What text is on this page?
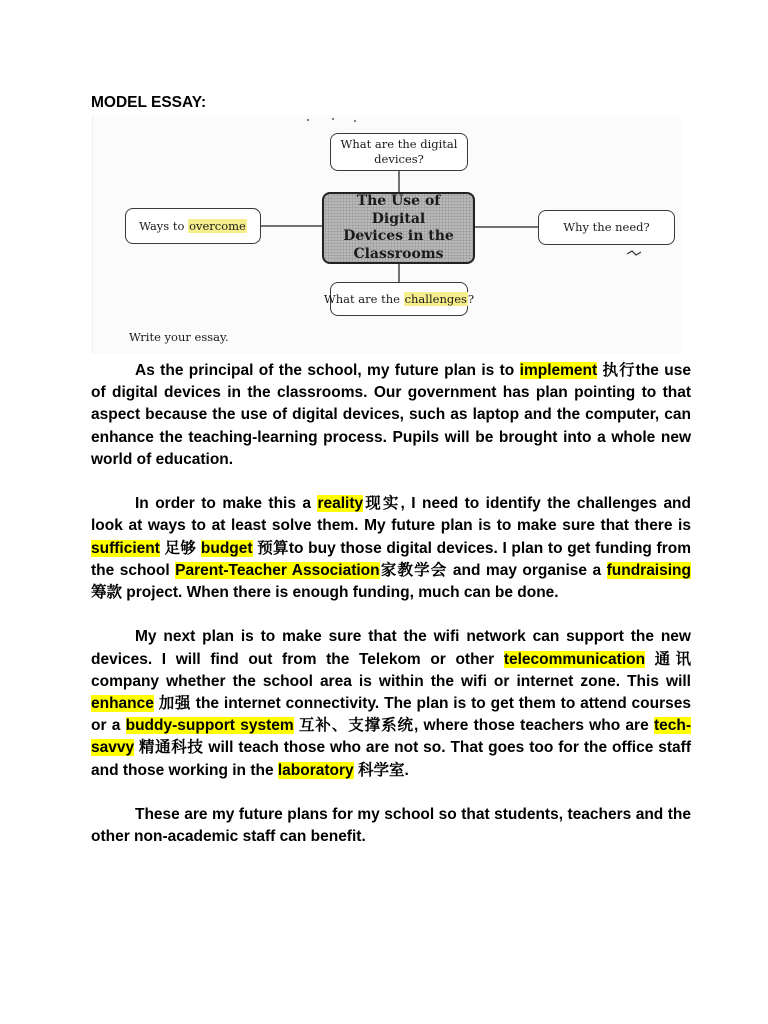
MODEL ESSAY:
What are the digital
devices?
Ways to overcome
The Use of Digital
Devices in the
Classrooms
Why the need?
What are the challenges ?
Write your essay.

As the principal of the school, my future plan is to implement 执行the use of digital devices in the classrooms. Our government has plan pointing to that aspect because the use of digital devices, such as laptop and the computer, can enhance the teaching-learning process. Pupils will be brought into a whole new world of education.

In order to make this a reality现实, I need to identify the challenges and look at ways to at least solve them. My future plan is to make sure that there is sufficient 足够 budget 预算to buy those digital devices. I plan to get funding from the school Parent-Teacher Association家教学会 and may organise a fundraising 筹款 project. When there is enough funding, much can be done.

My next plan is to make sure that the wifi network can support the new devices. I will find out from the Telekom or other telecommunication 通讯 company whether the school area is within the wifi or internet zone. This will enhance 加强 the internet connectivity. The plan is to get them to attend courses or a buddy-support system 互补、支撑系统, where those teachers who are tech-savvy 精通科技 will teach those who are not so. That goes too for the office staff and those working in the laboratory 科学室.

These are my future plans for my school so that students, teachers and the other non-academic staff can benefit.
